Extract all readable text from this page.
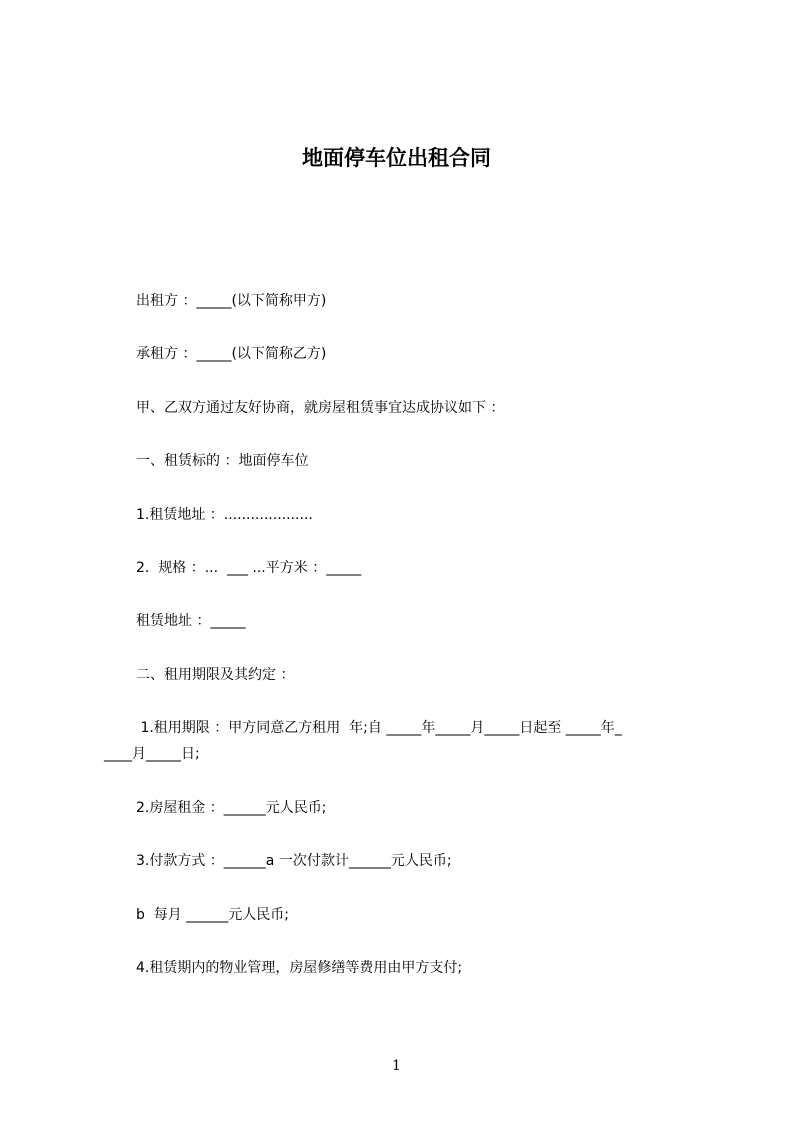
地面停车位出租合同
出租方 ：_____(以下简称甲方)
承租方 ：_____(以下简称乙方)
甲、乙双方通过友好协商，就房屋租赁事宜达成协议如下 ：
一、租赁标的 ：地面停车位
1.租赁地址 ：....................
2.  规格 ：...  ___ ...平方米 ：_____
租赁地址 ：_____
二、租用期限及其约定 ：
1.租用期限 ：甲方同意乙方租用  年;自 _____年_____月_____日起至 _____年_
____月_____日;
2.房屋租金 ：______元人民币;
3.付款方式 ：______a 一次付款计______元人民币;
b  每月 ______元人民币;
4.租赁期内的物业管理，房屋修缮等费用由甲方支付;
1
